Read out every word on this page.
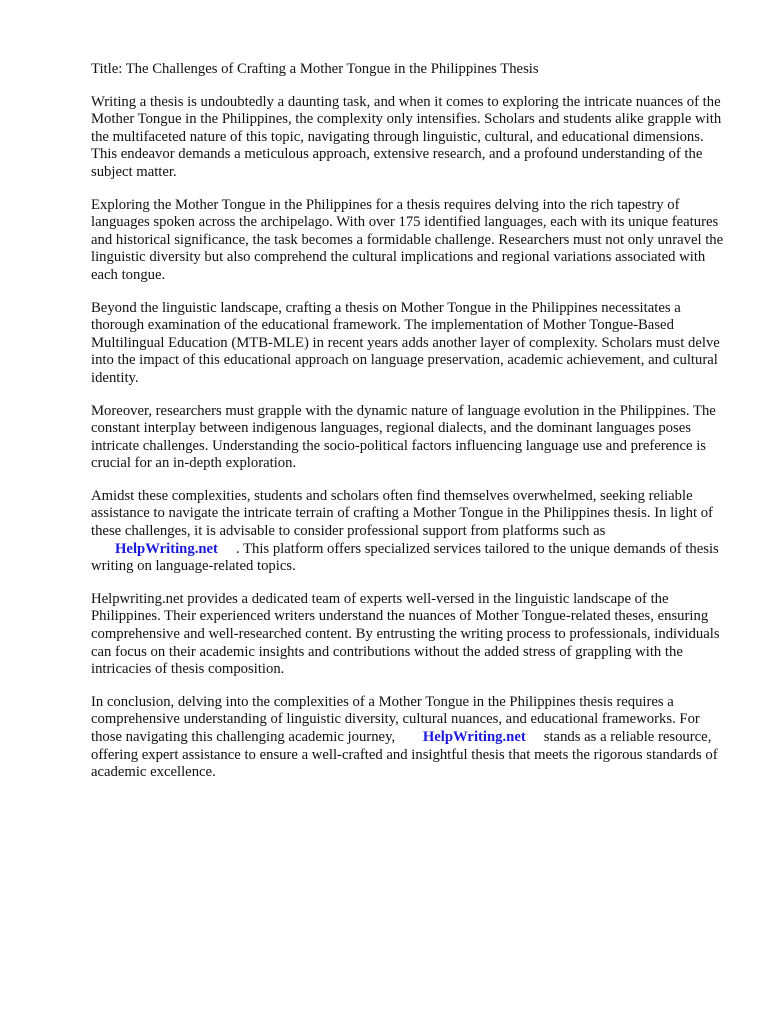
Title: The Challenges of Crafting a Mother Tongue in the Philippines Thesis

Writing a thesis is undoubtedly a daunting task, and when it comes to exploring the intricate nuances of the Mother Tongue in the Philippines, the complexity only intensifies. Scholars and students alike grapple with the multifaceted nature of this topic, navigating through linguistic, cultural, and educational dimensions. This endeavor demands a meticulous approach, extensive research, and a profound understanding of the subject matter.

Exploring the Mother Tongue in the Philippines for a thesis requires delving into the rich tapestry of languages spoken across the archipelago. With over 175 identified languages, each with its unique features and historical significance, the task becomes a formidable challenge. Researchers must not only unravel the linguistic diversity but also comprehend the cultural implications and regional variations associated with each tongue.

Beyond the linguistic landscape, crafting a thesis on Mother Tongue in the Philippines necessitates a thorough examination of the educational framework. The implementation of Mother Tongue-Based Multilingual Education (MTB-MLE) in recent years adds another layer of complexity. Scholars must delve into the impact of this educational approach on language preservation, academic achievement, and cultural identity.

Moreover, researchers must grapple with the dynamic nature of language evolution in the Philippines. The constant interplay between indigenous languages, regional dialects, and the dominant languages poses intricate challenges. Understanding the socio-political factors influencing language use and preference is crucial for an in-depth exploration.

Amidst these complexities, students and scholars often find themselves overwhelmed, seeking reliable assistance to navigate the intricate terrain of crafting a Mother Tongue in the Philippines thesis. In light of these challenges, it is advisable to consider professional support from platforms such as HelpWriting.net . This platform offers specialized services tailored to the unique demands of thesis writing on language-related topics.

Helpwriting.net provides a dedicated team of experts well-versed in the linguistic landscape of the Philippines. Their experienced writers understand the nuances of Mother Tongue-related theses, ensuring comprehensive and well-researched content. By entrusting the writing process to professionals, individuals can focus on their academic insights and contributions without the added stress of grappling with the intricacies of thesis composition.

In conclusion, delving into the complexities of a Mother Tongue in the Philippines thesis requires a comprehensive understanding of linguistic diversity, cultural nuances, and educational frameworks. For those navigating this challenging academic journey, HelpWriting.net stands as a reliable resource, offering expert assistance to ensure a well-crafted and insightful thesis that meets the rigorous standards of academic excellence.
